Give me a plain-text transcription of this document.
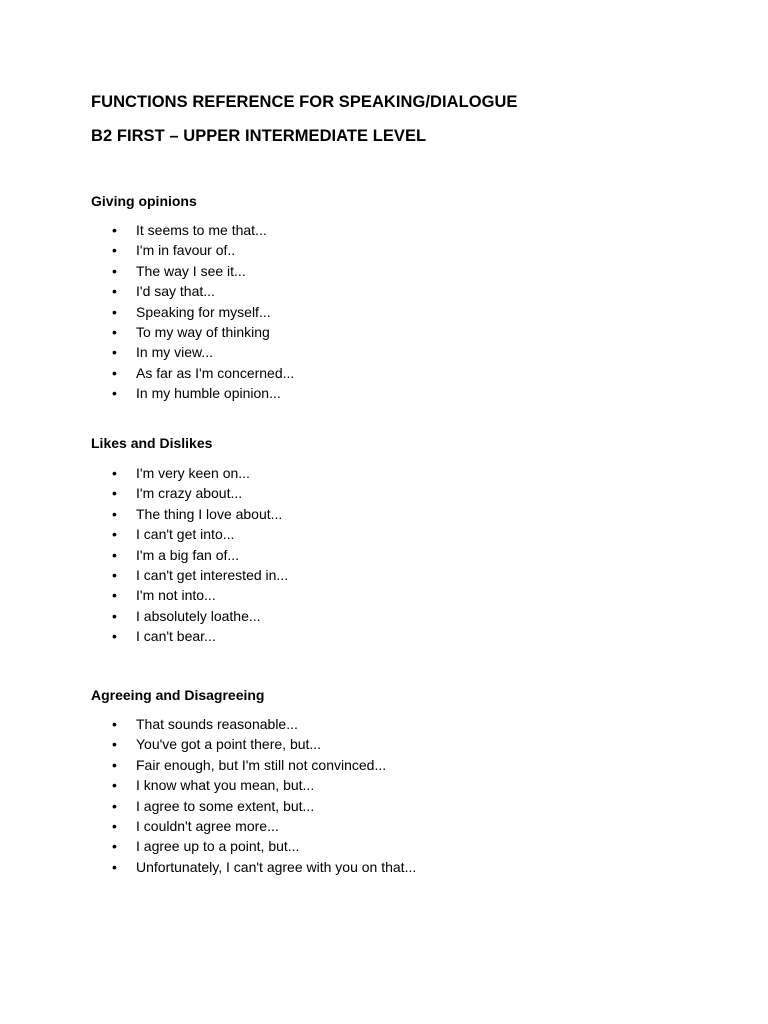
FUNCTIONS REFERENCE FOR SPEAKING/DIALOGUE
B2 FIRST – UPPER INTERMEDIATE LEVEL
Giving opinions
• It seems to me that...
• I'm in favour of..
• The way I see it...
• I'd say that...
• Speaking for myself...
• To my way of thinking
• In my view...
• As far as I'm concerned...
• In my humble opinion...
Likes and Dislikes
• I'm very keen on...
• I'm crazy about...
• The thing I love about...
• I can't get into...
• I'm a big fan of...
• I can't get interested in...
• I'm not into...
• I absolutely loathe...
• I can't bear...
Agreeing and Disagreeing
• That sounds reasonable...
• You've got a point there, but...
• Fair enough, but I'm still not convinced...
• I know what you mean, but...
• I agree to some extent, but...
• I couldn't agree more...
• I agree up to a point, but...
• Unfortunately, I can't agree with you on that...
